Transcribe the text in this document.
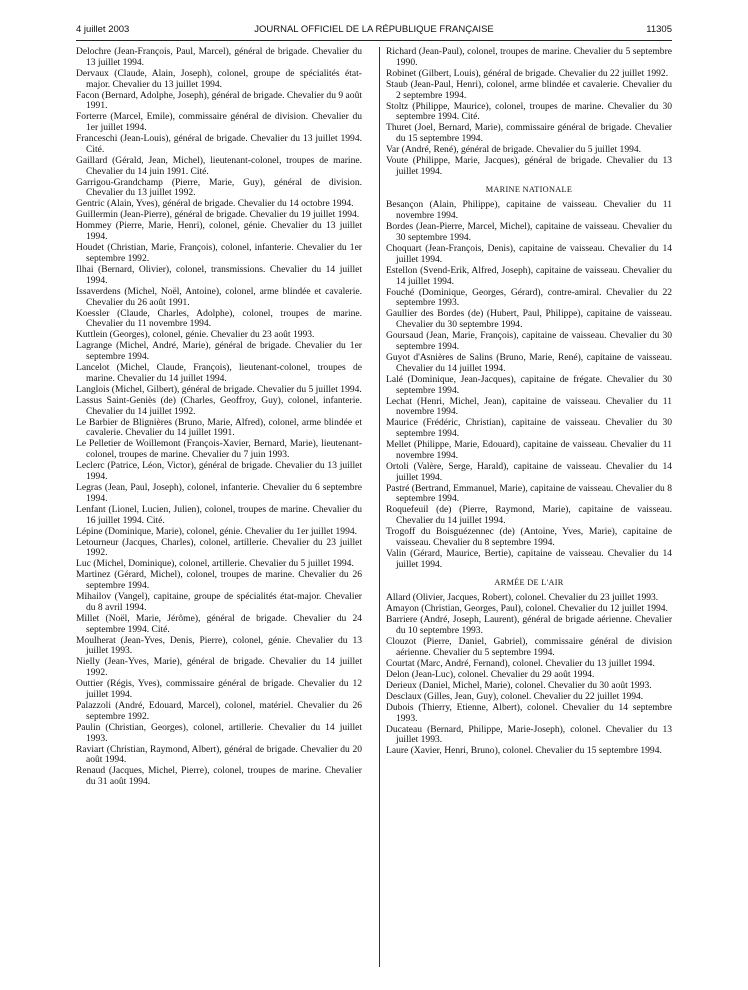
4 juillet 2003	JOURNAL OFFICIEL DE LA RÉPUBLIQUE FRANÇAISE	11305

Delochre (Jean-François, Paul, Marcel), général de brigade. Chevalier du 13 juillet 1994.

Dervaux (Claude, Alain, Joseph), colonel, groupe de spécialités état-major. Chevalier du 13 juillet 1994.

Facon (Bernard, Adolphe, Joseph), général de brigade. Chevalier du 9 août 1991.

Forterre (Marcel, Emile), commissaire général de division. Chevalier du 1er juillet 1994.

Franceschi (Jean-Louis), général de brigade. Chevalier du 13 juillet 1994. Cité.

Gaillard (Gérald, Jean, Michel), lieutenant-colonel, troupes de marine. Chevalier du 14 juin 1991. Cité.

Garrigou-Grandchamp (Pierre, Marie, Guy), général de division. Chevalier du 13 juillet 1992.

Gentric (Alain, Yves), général de brigade. Chevalier du 14 octobre 1994.

Guillermin (Jean-Pierre), général de brigade. Chevalier du 19 juillet 1994.

Hommey (Pierre, Marie, Henri), colonel, génie. Chevalier du 13 juillet 1994.

Houdet (Christian, Marie, François), colonel, infanterie. Chevalier du 1er septembre 1992.

Ilhai (Bernard, Olivier), colonel, transmissions. Chevalier du 14 juillet 1994.

Issaverdens (Michel, Noël, Antoine), colonel, arme blindée et cavalerie. Chevalier du 26 août 1991.

Koessler (Claude, Charles, Adolphe), colonel, troupes de marine. Chevalier du 11 novembre 1994.

Kuttlein (Georges), colonel, génie. Chevalier du 23 août 1993.

Lagrange (Michel, André, Marie), général de brigade. Chevalier du 1er septembre 1994.

Lancelot (Michel, Claude, François), lieutenant-colonel, troupes de marine. Chevalier du 14 juillet 1994.

Langlois (Michel, Gilbert), général de brigade. Chevalier du 5 juillet 1994.

Lassus Saint-Geniès (de) (Charles, Geoffroy, Guy), colonel, infanterie. Chevalier du 14 juillet 1992.

Le Barbier de Blignières (Bruno, Marie, Alfred), colonel, arme blindée et cavalerie. Chevalier du 14 juillet 1991.

Le Pelletier de Woillemont (François-Xavier, Bernard, Marie), lieutenant-colonel, troupes de marine. Chevalier du 7 juin 1993.

Leclerc (Patrice, Léon, Victor), général de brigade. Chevalier du 13 juillet 1994.

Legras (Jean, Paul, Joseph), colonel, infanterie. Chevalier du 6 septembre 1994.

Lenfant (Lionel, Lucien, Julien), colonel, troupes de marine. Chevalier du 16 juillet 1994. Cité.

Lépine (Dominique, Marie), colonel, génie. Chevalier du 1er juillet 1994.

Letourneur (Jacques, Charles), colonel, artillerie. Chevalier du 23 juillet 1992.

Luc (Michel, Dominique), colonel, artillerie. Chevalier du 5 juillet 1994.

Martinez (Gérard, Michel), colonel, troupes de marine. Chevalier du 26 septembre 1994.

Mihailov (Vangel), capitaine, groupe de spécialités état-major. Chevalier du 8 avril 1994.

Millet (Noël, Marie, Jérôme), général de brigade. Chevalier du 24 septembre 1994. Cité.

Moulherat (Jean-Yves, Denis, Pierre), colonel, génie. Chevalier du 13 juillet 1993.

Nielly (Jean-Yves, Marie), général de brigade. Chevalier du 14 juillet 1992.

Outtier (Régis, Yves), commissaire général de brigade. Chevalier du 12 juillet 1994.

Palazzoli (André, Edouard, Marcel), colonel, matériel. Chevalier du 26 septembre 1992.

Paulin (Christian, Georges), colonel, artillerie. Chevalier du 14 juillet 1993.

Raviart (Christian, Raymond, Albert), général de brigade. Chevalier du 20 août 1994.

Renaud (Jacques, Michel, Pierre), colonel, troupes de marine. Chevalier du 31 août 1994.

Richard (Jean-Paul), colonel, troupes de marine. Chevalier du 5 septembre 1990.

Robinet (Gilbert, Louis), général de brigade. Chevalier du 22 juillet 1992.

Staub (Jean-Paul, Henri), colonel, arme blindée et cavalerie. Chevalier du 2 septembre 1994.

Stoltz (Philippe, Maurice), colonel, troupes de marine. Chevalier du 30 septembre 1994. Cité.

Thuret (Joel, Bernard, Marie), commissaire général de brigade. Chevalier du 15 septembre 1994.

Var (André, René), général de brigade. Chevalier du 5 juillet 1994.

Voute (Philippe, Marie, Jacques), général de brigade. Chevalier du 13 juillet 1994.

MARINE NATIONALE

Besançon (Alain, Philippe), capitaine de vaisseau. Chevalier du 11 novembre 1994.

Bordes (Jean-Pierre, Marcel, Michel), capitaine de vaisseau. Chevalier du 30 septembre 1994.

Choquart (Jean-François, Denis), capitaine de vaisseau. Chevalier du 14 juillet 1994.

Estellon (Svend-Erik, Alfred, Joseph), capitaine de vaisseau. Chevalier du 14 juillet 1994.

Fouché (Dominique, Georges, Gérard), contre-amiral. Chevalier du 22 septembre 1993.

Gaullier des Bordes (de) (Hubert, Paul, Philippe), capitaine de vaisseau. Chevalier du 30 septembre 1994.

Goursaud (Jean, Marie, François), capitaine de vaisseau. Chevalier du 30 septembre 1994.

Guyot d'Asnières de Salins (Bruno, Marie, René), capitaine de vaisseau. Chevalier du 14 juillet 1994.

Lalé (Dominique, Jean-Jacques), capitaine de frégate. Chevalier du 30 septembre 1994.

Lechat (Henri, Michel, Jean), capitaine de vaisseau. Chevalier du 11 novembre 1994.

Maurice (Frédéric, Christian), capitaine de vaisseau. Chevalier du 30 septembre 1994.

Mellet (Philippe, Marie, Edouard), capitaine de vaisseau. Chevalier du 11 novembre 1994.

Ortoli (Valère, Serge, Harald), capitaine de vaisseau. Chevalier du 14 juillet 1994.

Pastré (Bertrand, Emmanuel, Marie), capitaine de vaisseau. Chevalier du 8 septembre 1994.

Roquefeuil (de) (Pierre, Raymond, Marie), capitaine de vaisseau. Chevalier du 14 juillet 1994.

Trogoff du Boisguézennec (de) (Antoine, Yves, Marie), capitaine de vaisseau. Chevalier du 8 septembre 1994.

Valin (Gérard, Maurice, Bertie), capitaine de vaisseau. Chevalier du 14 juillet 1994.

ARMÉE DE L'AIR

Allard (Olivier, Jacques, Robert), colonel. Chevalier du 23 juillet 1993.

Amayon (Christian, Georges, Paul), colonel. Chevalier du 12 juillet 1994.

Barriere (André, Joseph, Laurent), général de brigade aérienne. Chevalier du 10 septembre 1993.

Clouzot (Pierre, Daniel, Gabriel), commissaire général de division aérienne. Chevalier du 5 septembre 1994.

Courtat (Marc, André, Fernand), colonel. Chevalier du 13 juillet 1994.

Delon (Jean-Luc), colonel. Chevalier du 29 août 1994.

Derieux (Daniel, Michel, Marie), colonel. Chevalier du 30 août 1993.

Desclaux (Gilles, Jean, Guy), colonel. Chevalier du 22 juillet 1994.

Dubois (Thierry, Etienne, Albert), colonel. Chevalier du 14 septembre 1993.

Ducateau (Bernard, Philippe, Marie-Joseph), colonel. Chevalier du 13 juillet 1993.

Laure (Xavier, Henri, Bruno), colonel. Chevalier du 15 septembre 1994.
